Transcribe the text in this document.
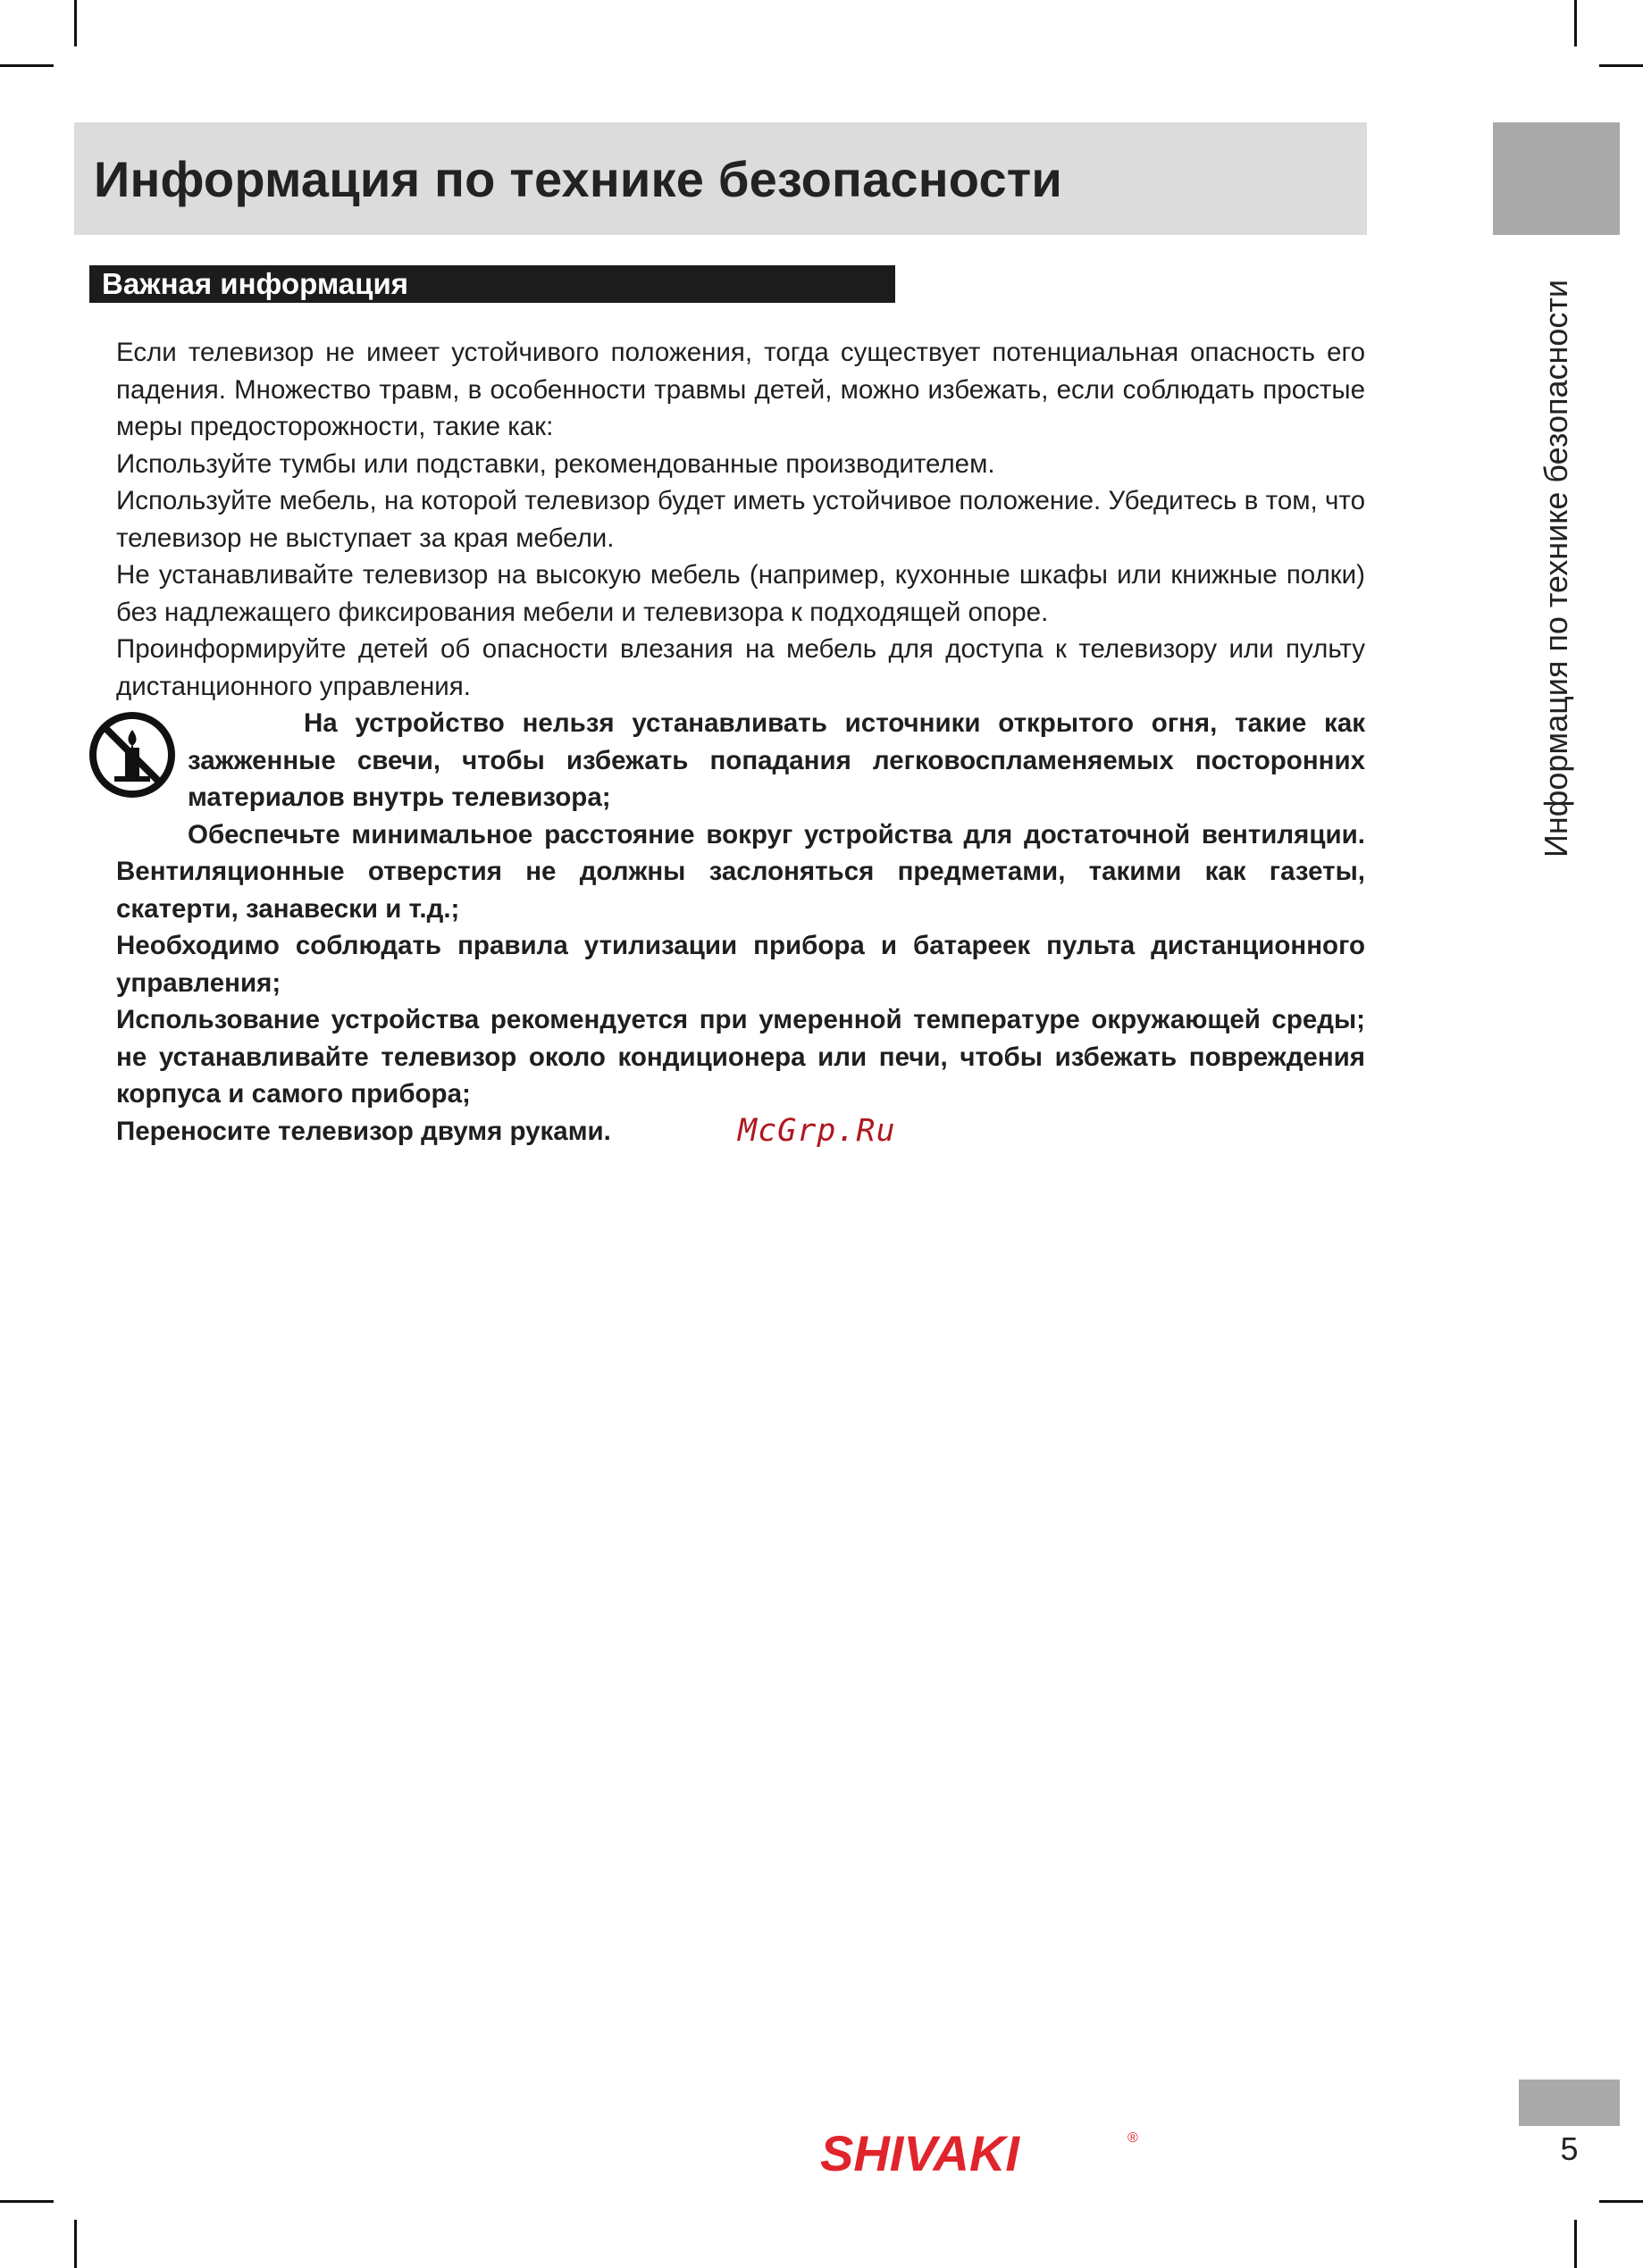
Информация по технике безопасности
Информация по технике безопасности
Важная информация

Если телевизор не имеет устойчивого положения, тогда существует потенциальная опасность его падения. Множество травм, в особенности травмы детей, можно избежать, если соблюдать простые меры предосторожности, такие как:

Используйте тумбы или подставки, рекомендованные производителем.

Используйте мебель, на которой телевизор будет иметь устойчивое положение. Убедитесь в том, что телевизор не выступает за края мебели.

Не устанавливайте телевизор на высокую мебель (например, кухонные шкафы или книжные полки) без надлежащего фиксирования мебели и телевизора к подходящей опоре.

Проинформируйте детей об опасности влезания на мебель для доступа к телевизору или пульту дистанционного управления.

На устройство нельзя устанавливать источники открытого огня, такие как зажженные свечи, чтобы избежать попадания легковоспламеняемых посторонних материалов внутрь телевизора;

Обеспечьте минимальное расстояние вокруг устройства для достаточной вентиляции. Вентиляционные отверстия не должны заслоняться предметами, такими как газеты, скатерти, занавески и т.д.;

Необходимо соблюдать правила утилизации прибора и батареек пульта дистанционного управления;

Использование устройства рекомендуется при умеренной температуре окружающей среды; не устанавливайте телевизор около кондиционера или печи, чтобы избежать повреждения корпуса и самого прибора;

Переносите телевизор двумя руками.	McGrp.Ru
SHIVAKI	®	5
